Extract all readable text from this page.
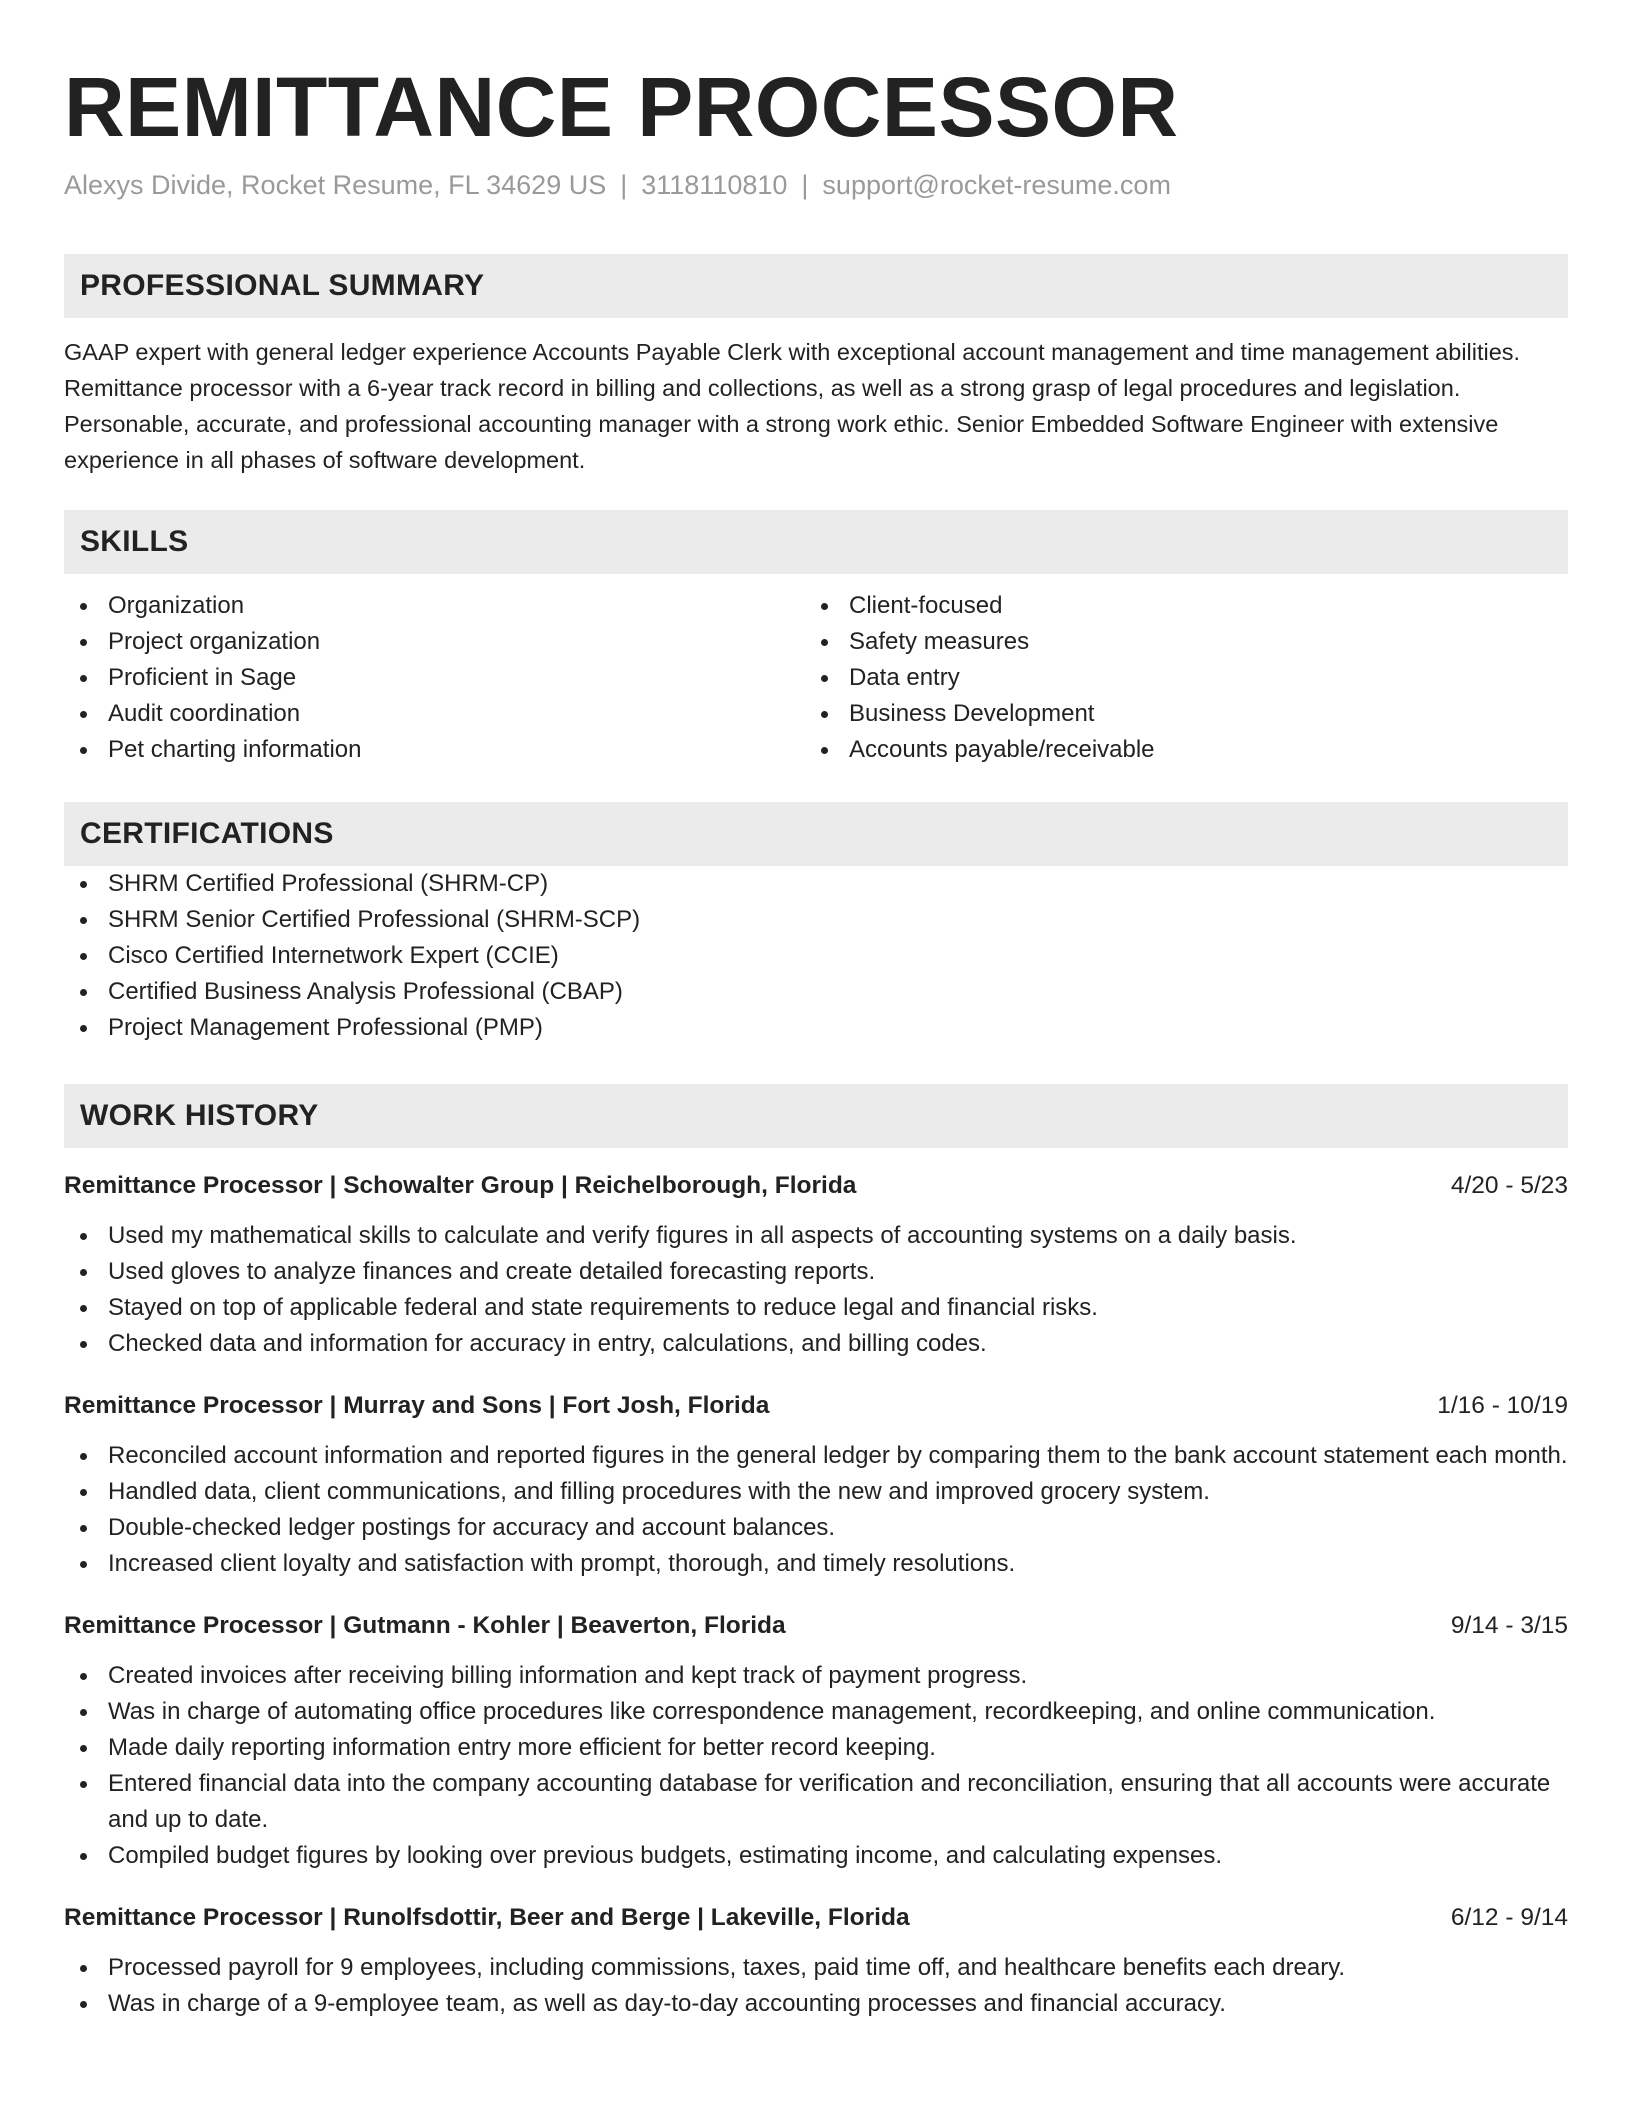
REMITTANCE PROCESSOR
Alexys Divide, Rocket Resume, FL 34629 US | 3118110810 | support@rocket-resume.com
PROFESSIONAL SUMMARY

GAAP expert with general ledger experience Accounts Payable Clerk with exceptional account management and time management abilities. Remittance processor with a 6-year track record in billing and collections, as well as a strong grasp of legal procedures and legislation. Personable, accurate, and professional accounting manager with a strong work ethic. Senior Embedded Software Engineer with extensive experience in all phases of software development.

SKILLS
Organization
Project organization
Proficient in Sage
Audit coordination
Pet charting information
Client-focused
Safety measures
Data entry
Business Development
Accounts payable/receivable
CERTIFICATIONS
SHRM Certified Professional (SHRM-CP)
SHRM Senior Certified Professional (SHRM-SCP)
Cisco Certified Internetwork Expert (CCIE)
Certified Business Analysis Professional (CBAP)
Project Management Professional (PMP)
WORK HISTORY
Remittance Processor | Schowalter Group | Reichelborough, Florida	4/20 - 5/23
Used my mathematical skills to calculate and verify figures in all aspects of accounting systems on a daily basis.
Used gloves to analyze finances and create detailed forecasting reports.
Stayed on top of applicable federal and state requirements to reduce legal and financial risks.
Checked data and information for accuracy in entry, calculations, and billing codes.
Remittance Processor | Murray and Sons | Fort Josh, Florida	1/16 - 10/19
Reconciled account information and reported figures in the general ledger by comparing them to the bank account statement each month.
Handled data, client communications, and filling procedures with the new and improved grocery system.
Double-checked ledger postings for accuracy and account balances.
Increased client loyalty and satisfaction with prompt, thorough, and timely resolutions.
Remittance Processor | Gutmann - Kohler | Beaverton, Florida	9/14 - 3/15
Created invoices after receiving billing information and kept track of payment progress.
Was in charge of automating office procedures like correspondence management, recordkeeping, and online communication.
Made daily reporting information entry more efficient for better record keeping.
Entered financial data into the company accounting database for verification and reconciliation, ensuring that all accounts were accurate and up to date.
Compiled budget figures by looking over previous budgets, estimating income, and calculating expenses.
Remittance Processor | Runolfsdottir, Beer and Berge | Lakeville, Florida	6/12 - 9/14
Processed payroll for 9 employees, including commissions, taxes, paid time off, and healthcare benefits each dreary.
Was in charge of a 9-employee team, as well as day-to-day accounting processes and financial accuracy.
